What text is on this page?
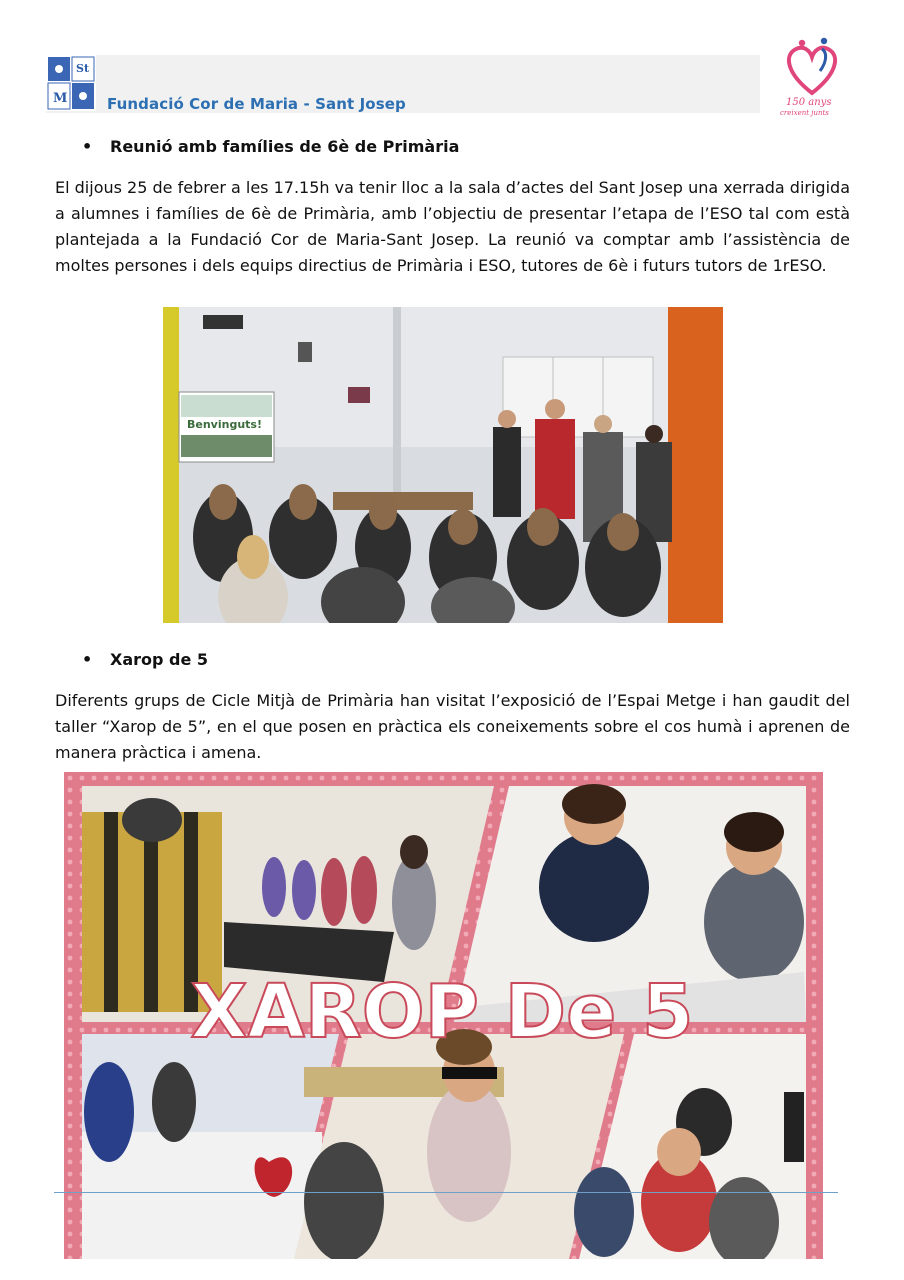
St
M	Fundació Cor de Maria - Sant Josep	150 anys
creixent junts
• Reunió amb famílies de 6è de Primària
El dijous 25 de febrer a les 17.15h va tenir lloc a la sala d’actes del Sant Josep una xerrada dirigida a alumnes i famílies de 6è de Primària, amb l’objectiu de presentar l’etapa de l’ESO tal com està plantejada a la Fundació Cor de Maria-Sant Josep. La reunió va comptar amb l’assistència de moltes persones i dels equips directius de Primària i ESO, tutores de 6è i futurs tutors de 1rESO.
Benvinguts!
• Xarop de 5
Diferents grups de Cicle Mitjà de Primària han visitat l’exposició de l’Espai Metge i han gaudit del taller “Xarop de 5”, en el que posen en pràctica els coneixements sobre el cos humà i aprenen de manera pràctica i amena.
XAROP De 5
